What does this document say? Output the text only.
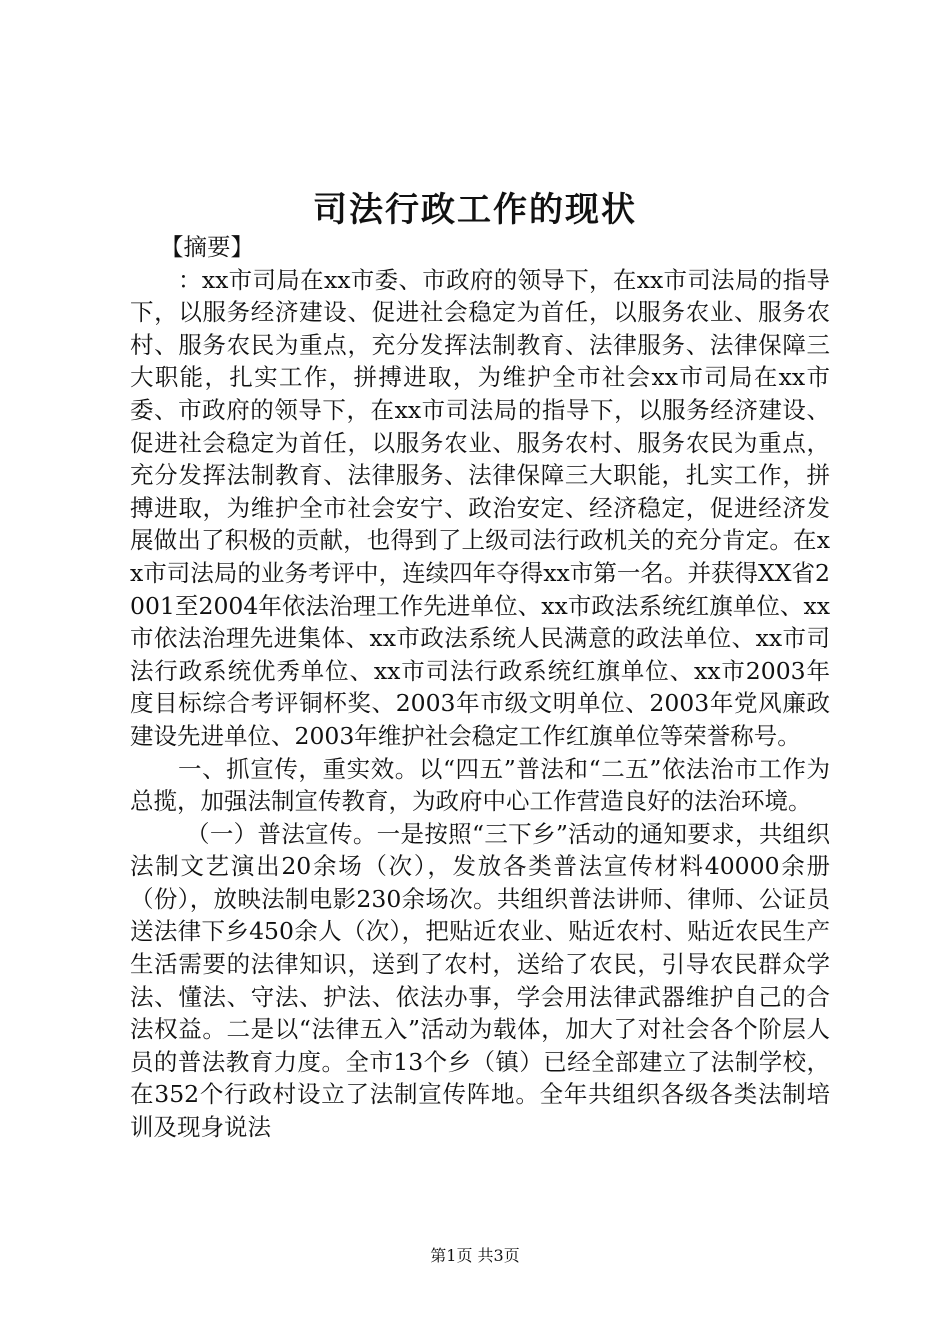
司法行政工作的现状

【摘要】

：xx市司局在xx市委、市政府的领导下，在xx市司法局的指导下，以服务经济建设、促进社会稳定为首任，以服务农业、服务农村、服务农民为重点，充分发挥法制教育、法律服务、法律保障三大职能，扎实工作，拼搏进取，为维护全市社会xx市司局在xx市委、市政府的领导下，在xx市司法局的指导下，以服务经济建设、促进社会稳定为首任，以服务农业、服务农村、服务农民为重点，充分发挥法制教育、法律服务、法律保障三大职能，扎实工作，拼搏进取，为维护全市社会安宁、政治安定、经济稳定，促进经济发展做出了积极的贡献，也得到了上级司法行政机关的充分肯定。在xx市司法局的业务考评中，连续四年夺得xx市第一名。并获得XX省2001至2004年依法治理工作先进单位、xx市政法系统红旗单位、xx市依法治理先进集体、xx市政法系统人民满意的政法单位、xx市司法行政系统优秀单位、xx市司法行政系统红旗单位、xx市2003年度目标综合考评铜杯奖、2003年市级文明单位、2003年党风廉政建设先进单位、2003年维护社会稳定工作红旗单位等荣誉称号。

一、抓宣传，重实效。以“四五”普法和“二五”依法治市工作为总揽，加强法制宣传教育，为政府中心工作营造良好的法治环境。

（一）普法宣传。一是按照“三下乡”活动的通知要求，共组织法制文艺演出20余场（次），发放各类普法宣传材料40000余册（份），放映法制电影230余场次。共组织普法讲师、律师、公证员送法律下乡450余人（次），把贴近农业、贴近农村、贴近农民生产生活需要的法律知识，送到了农村，送给了农民，引导农民群众学法、懂法、守法、护法、依法办事，学会用法律武器维护自己的合法权益。二是以“法律五入”活动为载体，加大了对社会各个阶层人员的普法教育力度。全市13个乡（镇）已经全部建立了法制学校，在352个行政村设立了法制宣传阵地。全年共组织各级各类法制培训及现身说法

第1页 共3页
